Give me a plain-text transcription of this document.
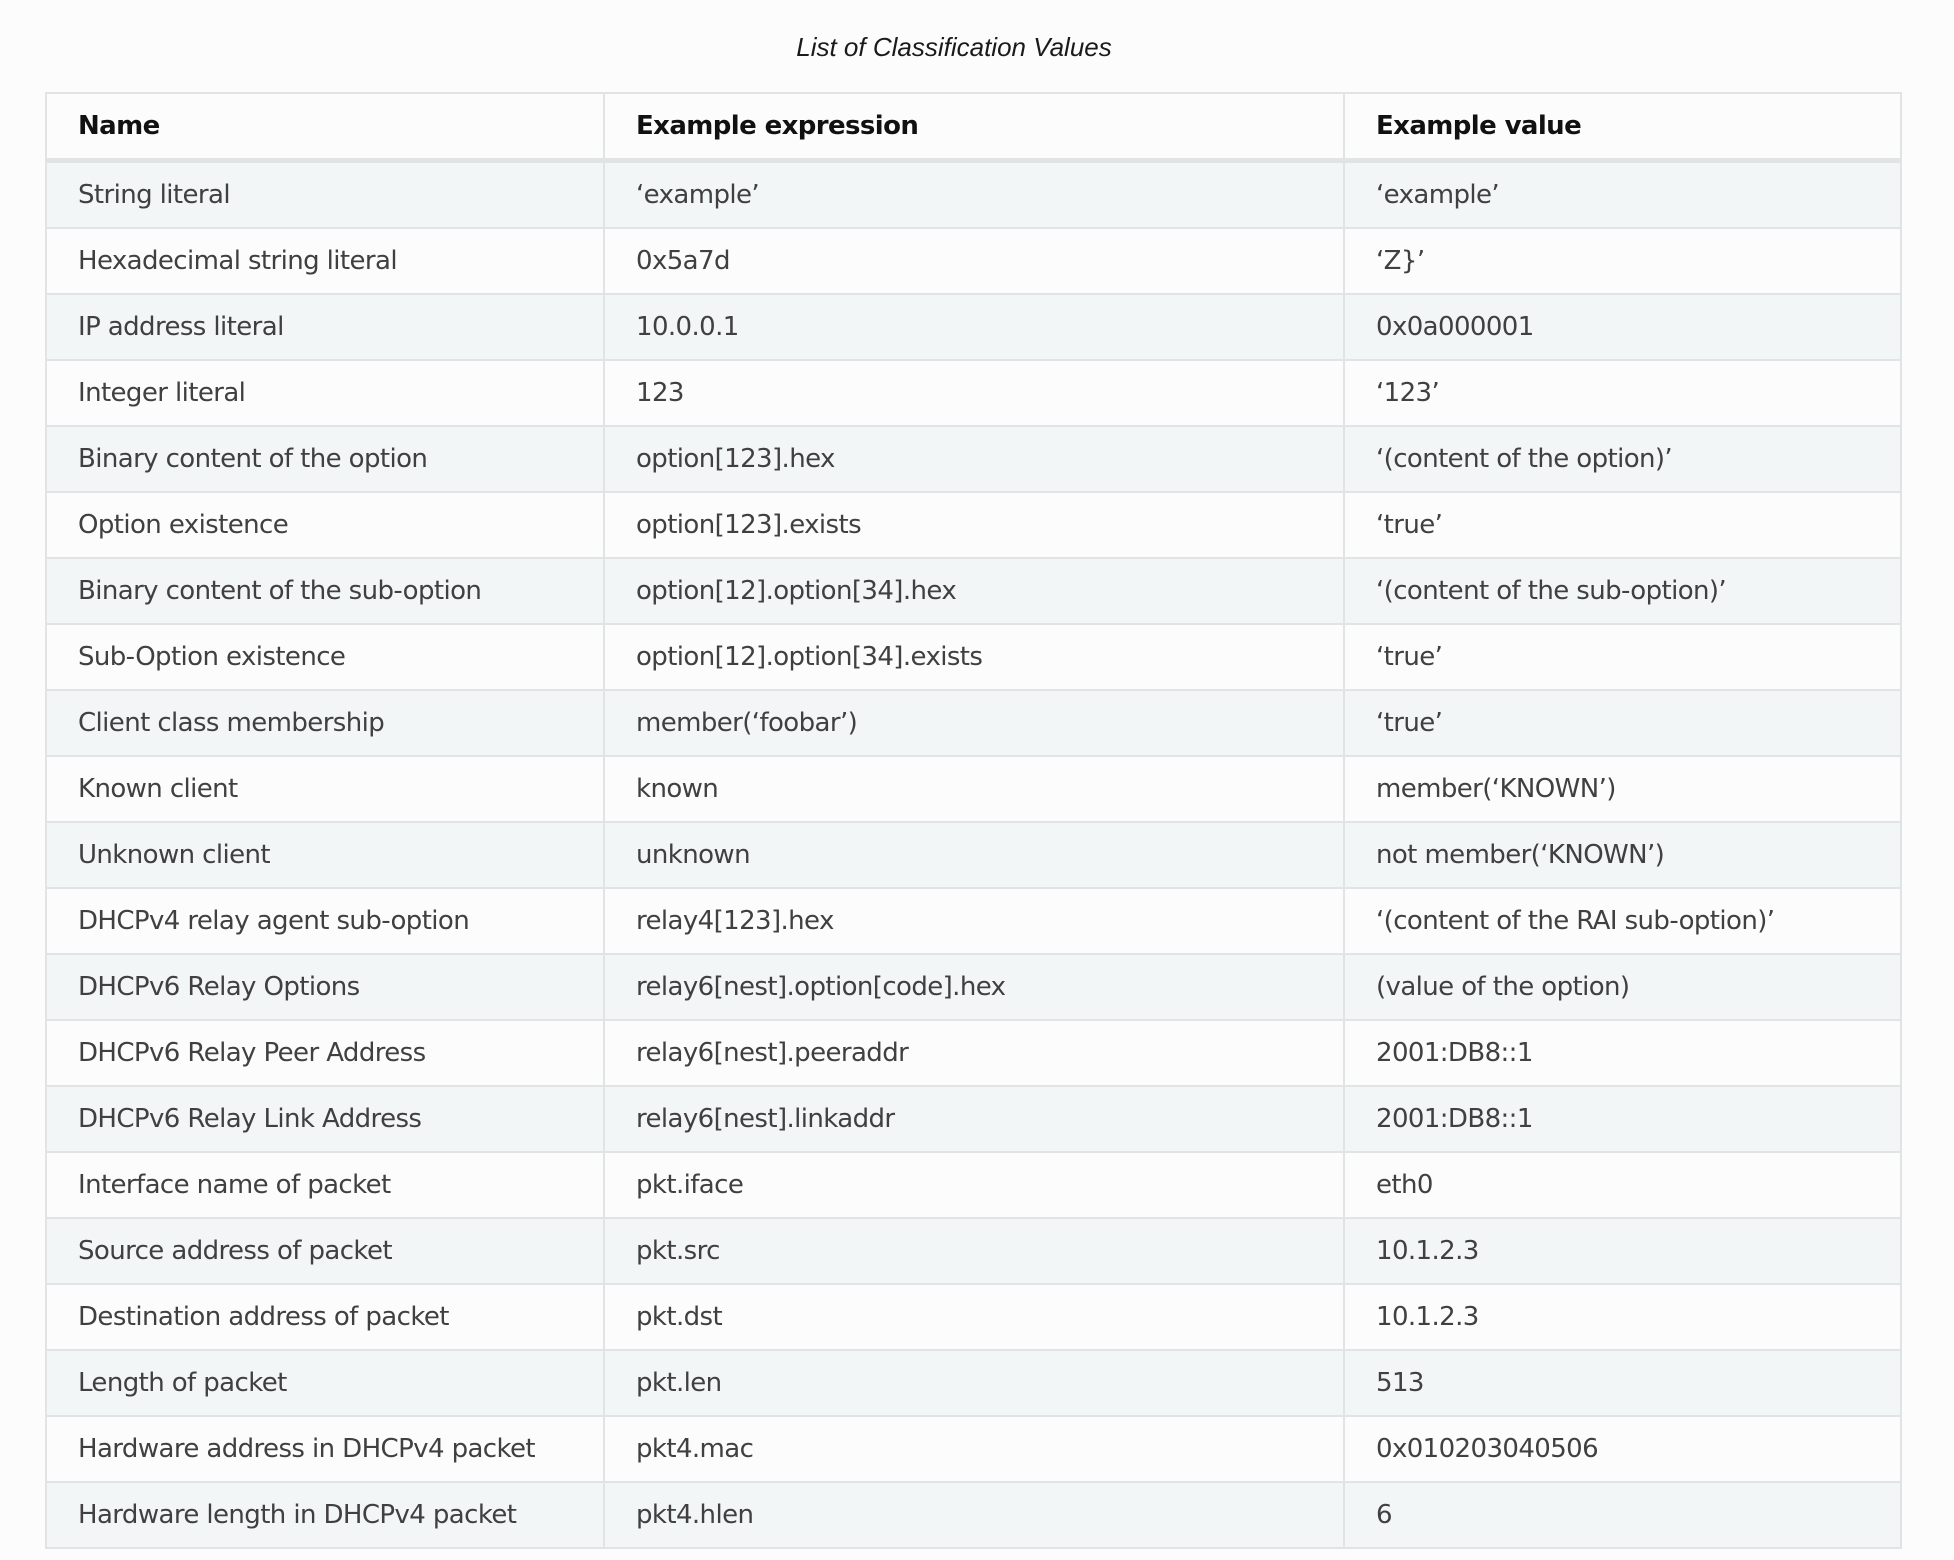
List of Classification Values
Name	Example expression	Example value
String literal	‘example’	‘example’
Hexadecimal string literal	0x5a7d	‘Z}’
IP address literal	10.0.0.1	0x0a000001
Integer literal	123	‘123’
Binary content of the option	option[123].hex	‘(content of the option)’
Option existence	option[123].exists	‘true’
Binary content of the sub-option	option[12].option[34].hex	‘(content of the sub-option)’
Sub-Option existence	option[12].option[34].exists	‘true’
Client class membership	member(‘foobar’)	‘true’
Known client	known	member(‘KNOWN’)
Unknown client	unknown	not member(‘KNOWN’)
DHCPv4 relay agent sub-option	relay4[123].hex	‘(content of the RAI sub-option)’
DHCPv6 Relay Options	relay6[nest].option[code].hex	(value of the option)
DHCPv6 Relay Peer Address	relay6[nest].peeraddr	2001:DB8::1
DHCPv6 Relay Link Address	relay6[nest].linkaddr	2001:DB8::1
Interface name of packet	pkt.iface	eth0
Source address of packet	pkt.src	10.1.2.3
Destination address of packet	pkt.dst	10.1.2.3
Length of packet	pkt.len	513
Hardware address in DHCPv4 packet	pkt4.mac	0x010203040506
Hardware length in DHCPv4 packet	pkt4.hlen	6
